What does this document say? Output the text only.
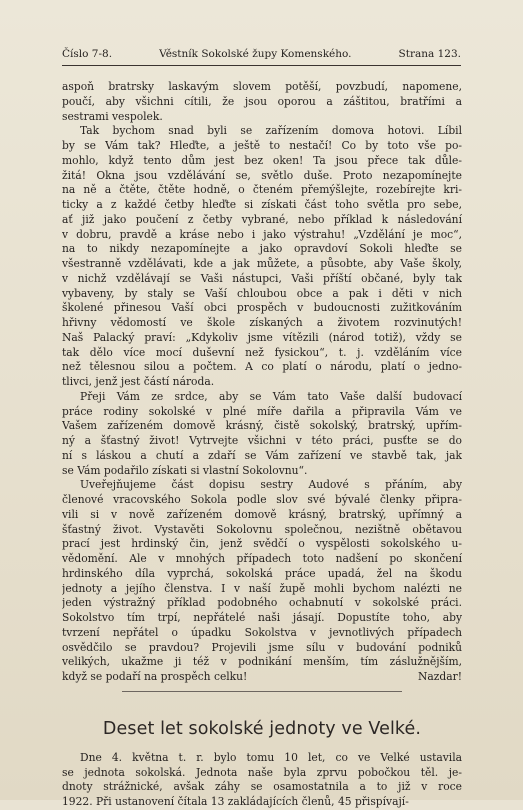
Číslo 7-8.	Věstník Sokolské župy Komenského.	Strana 123.
aspoň bratrsky laskavým slovem potěší, povzbudí, napomene,
poučí, aby všichni cítili, že jsou oporou a záštitou, bratřími a
sestrami vespolek.
Tak bychom snad byli se zařízením domova hotovi. Líbil
by se Vám tak? Hleďte, a ještě to nestačí! Co by toto vše po-
mohlo, když tento dům jest bez oken! Ta jsou přece tak důle-
žitá! Okna jsou vzdělávání se, světlo duše. Proto nezapomínejte
na ně a čtěte, čtěte hodně, o čteném přemýšlejte, rozebírejte kri-
ticky a z každé četby hleďte si získati část toho světla pro sebe,
ať již jako poučení z četby vybrané, nebo příklad k následování
v dobru, pravdě a kráse nebo i jako výstrahu! „Vzdělání je moc“,
na to nikdy nezapomínejte a jako opravdoví Sokoli hleďte se
všestranně vzdělávati, kde a jak můžete, a působte, aby Vaše školy,
v nichž vzdělávají se Vaši nástupci, Vaši příští občané, byly tak
vybaveny, by staly se Vaší chloubou obce a pak i děti v nich
školené přinesou Vaší obci prospěch v budoucnosti zužitkováním
hřivny vědomostí ve škole získaných a životem rozvinutých!
Naš Palacký praví: „Kdykoliv jsme vítězili (národ totiž), vždy se
tak dělo více mocí duševní než fysickou“, t. j. vzděláním více
než tělesnou silou a počtem. A co platí o národu, platí o jedno-
tlivci, jenž jest částí národa.
Přeji Vám ze srdce, aby se Vám tato Vaše další budovací
práce rodiny sokolské v plné míře dařila a připravila Vám ve
Vašem zařízeném domově krásný, čistě sokolský, bratrský, upřím-
ný a šťastný život! Vytrvejte všichni v této práci, pusťte se do
ní s láskou a chutí a zdaří se Vám zařízení ve stavbě tak, jak
se Vám podařilo získati si vlastní Sokolovnu“.
Uveřejňujeme část dopisu sestry Audové s přáním, aby
členové vracovského Sokola podle slov své bývalé členky připra-
vili si v nově zařízeném domově krásný, bratrský, upřímný a
šťastný život. Vystavěti Sokolovnu společnou, nezištně obětavou
prací jest hrdinský čin, jenž svědčí o vyspělosti sokolského u-
vědomění. Ale v mnohých případech toto nadšení po skončení
hrdinského díla vyprchá, sokolská práce upadá, žel na škodu
jednoty a jejího členstva. I v naší župě mohli bychom nalézti ne
jeden výstražný příklad podobného ochabnutí v sokolské práci.
Sokolstvo tím trpí, nepřátelé naši jásají. Dopustíte toho, aby
tvrzení nepřátel o úpadku Sokolstva v jevnotlivých případech
osvědčilo se pravdou? Projevili jsme sílu v budování podniků
velikých, ukažme ji též v podnikání menším, tím záslužnějším,
když se podaří na prospěch celku!	Nazdar!
Deset let sokolské jednoty ve Velké.
Dne 4. května t. r. bylo tomu 10 let, co ve Velké ustavila
se jednota sokolská. Jednota naše byla zprvu pobočkou těl. je-
dnoty strážnické, avšak záhy se osamostatnila a to již v roce
1922. Při ustanovení čítala 13 zakládajících členů, 45 přispívají-
